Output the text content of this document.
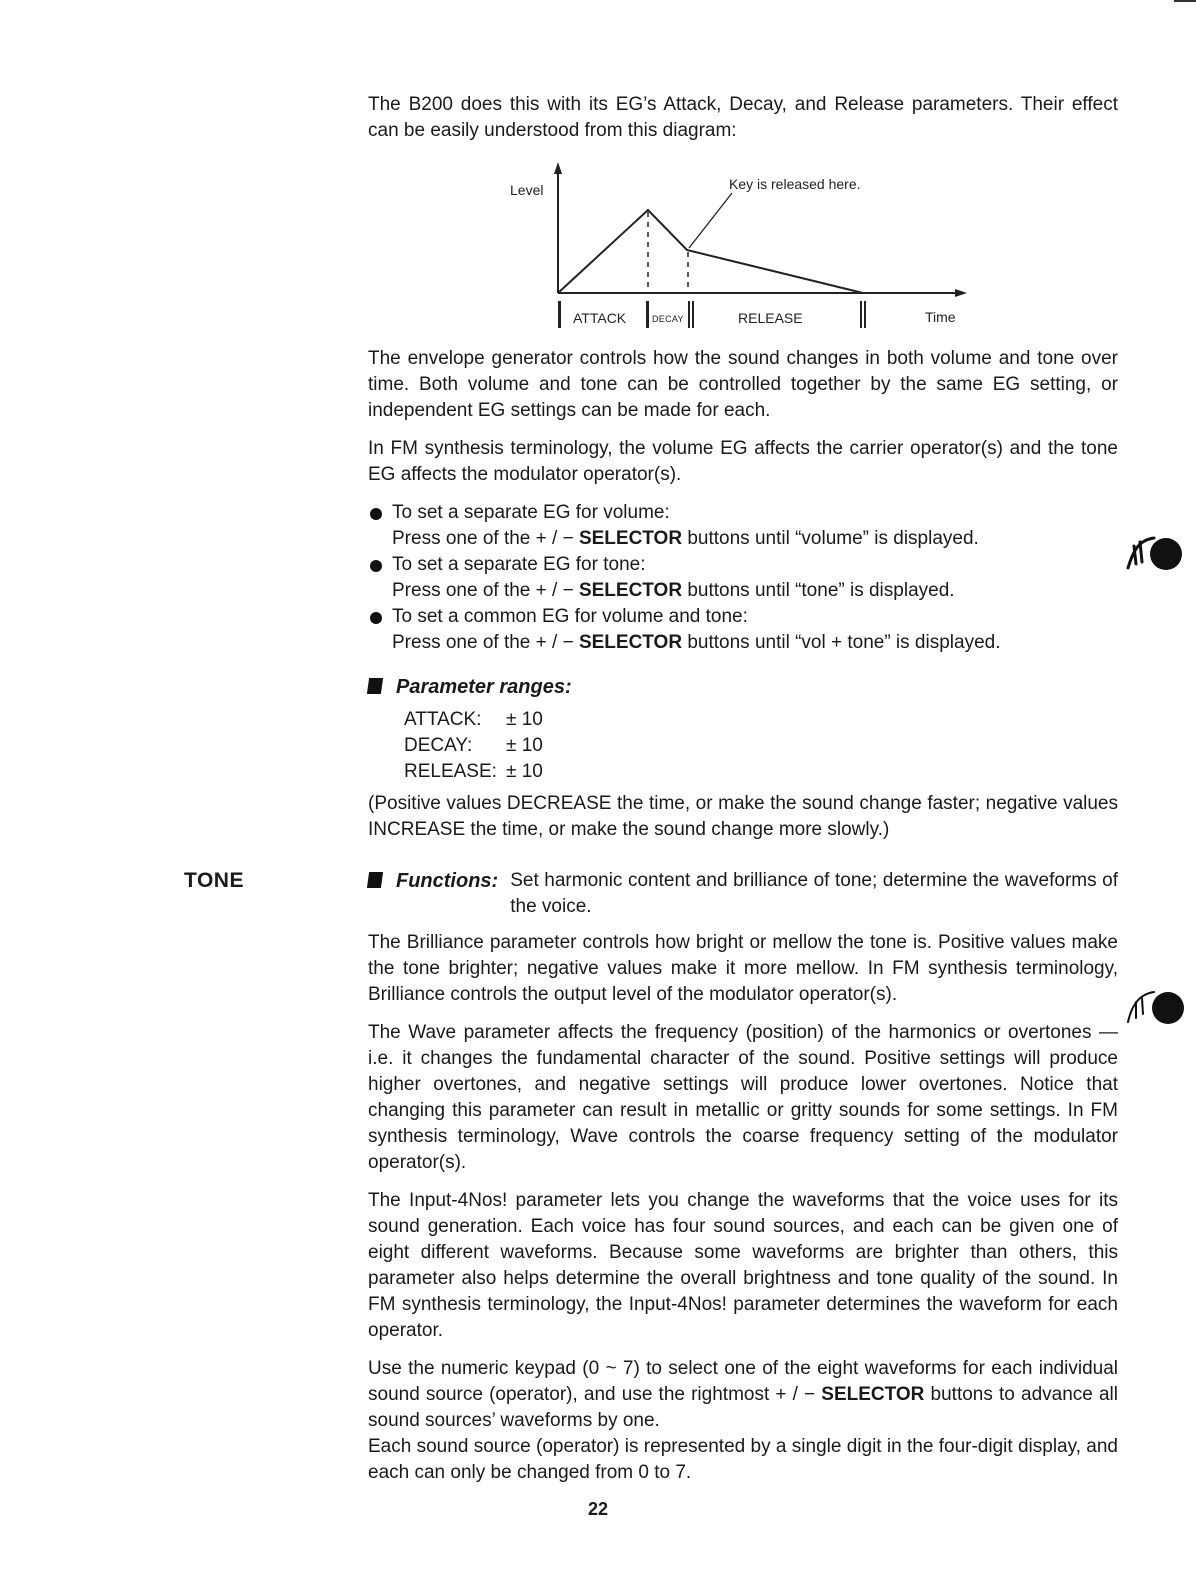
The B200 does this with its EG’s Attack, Decay, and Release parameters. Their effect can be easily understood from this diagram:

Level	Key is released here.
ATTACK	DECAY	RELEASE	Time

The envelope generator controls how the sound changes in both volume and tone over time. Both volume and tone can be controlled together by the same EG setting, or independent EG settings can be made for each.

In FM synthesis terminology, the volume EG affects the carrier operator(s) and the tone EG affects the modulator operator(s).

To set a separate EG for volume:
Press one of the + / − SELECTOR buttons until “volume” is displayed.
To set a separate EG for tone:
Press one of the + / − SELECTOR buttons until “tone” is displayed.
To set a common EG for volume and tone:
Press one of the + / − SELECTOR buttons until “vol + tone” is displayed.
Parameter ranges:
ATTACK:	± 10
DECAY:	± 10
RELEASE: ± 10

(Positive values DECREASE the time, or make the sound change faster; negative values INCREASE the time, or make the sound change more slowly.)

TONE	Functions: Set harmonic content and brilliance of tone; determine the waveforms of the voice.

The Brilliance parameter controls how bright or mellow the tone is. Positive values make the tone brighter; negative values make it more mellow. In FM synthesis terminology, Brilliance controls the output level of the modulator operator(s).

The Wave parameter affects the frequency (position) of the harmonics or overtones — i.e. it changes the fundamental character of the sound. Positive settings will produce higher overtones, and negative settings will produce lower overtones. Notice that changing this parameter can result in metallic or gritty sounds for some settings. In FM synthesis terminology, Wave controls the coarse frequency setting of the modulator operator(s).

The Input-4Nos! parameter lets you change the waveforms that the voice uses for its sound generation. Each voice has four sound sources, and each can be given one of eight different waveforms. Because some waveforms are brighter than others, this parameter also helps determine the overall brightness and tone quality of the sound. In FM synthesis terminology, the Input-4Nos! parameter determines the waveform for each operator.

Use the numeric keypad (0 ~ 7) to select one of the eight waveforms for each individual sound source (operator), and use the rightmost + / − SELECTOR buttons to advance all sound sources’ waveforms by one.

Each sound source (operator) is represented by a single digit in the four-digit display, and each can only be changed from 0 to 7.

22
